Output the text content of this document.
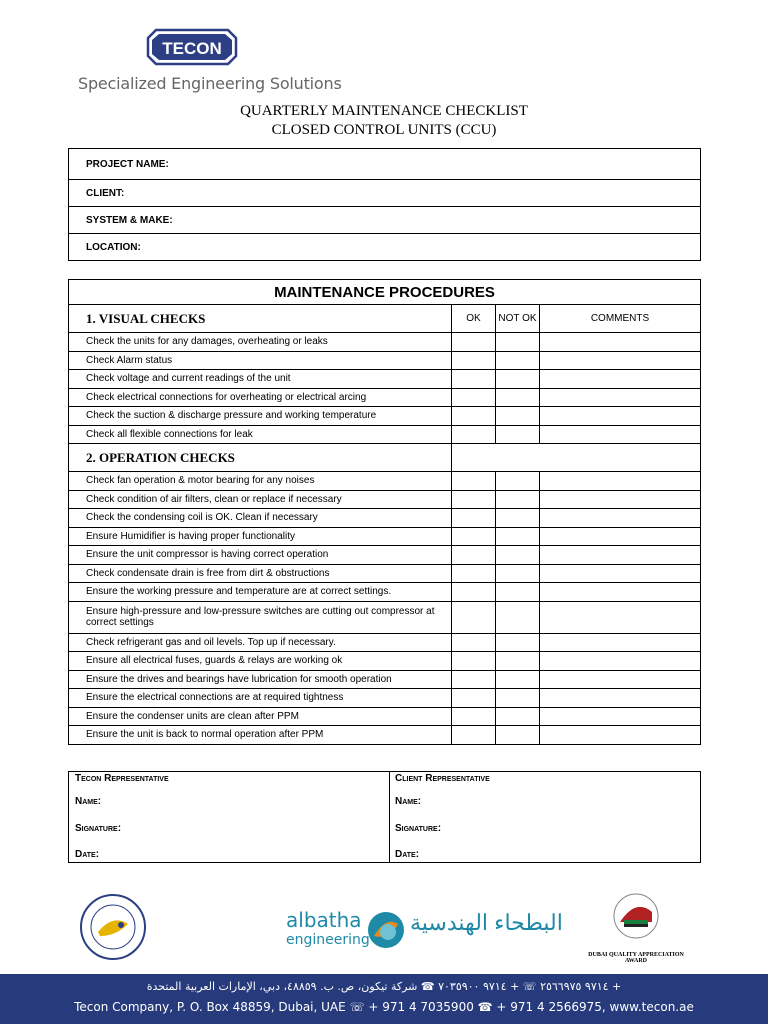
TECON
Specialized Engineering Solutions
QUARTERLY MAINTENANCE CHECKLIST
CLOSED CONTROL UNITS (CCU)
PROJECT NAME:
CLIENT:
SYSTEM & MAKE:
LOCATION:
MAINTENANCE PROCEDURES			
1. VISUAL CHECKS	OK	NOT OK	COMMENTS
Check the units for any damages, overheating or leaks			
Check Alarm status			
Check voltage and current readings of the unit			
Check electrical connections for overheating or electrical arcing			
Check the suction & discharge pressure and working temperature			
Check all flexible connections for leak			
2. OPERATION CHECKS			
Check fan operation & motor bearing for any noises			
Check condition of air filters, clean or replace if necessary			
Check the condensing coil is OK. Clean if necessary			
Ensure Humidifier is having proper functionality			
Ensure the unit compressor is having correct operation			
Check condensate drain is free from dirt & obstructions			
Ensure the working pressure and temperature are at correct settings.			
Ensure high-pressure and low-pressure switches are cutting out compressor at correct settings			
Check refrigerant gas and oil levels. Top up if necessary.			
Ensure all electrical fuses, guards & relays are working ok			
Ensure the drives and bearings have lubrication for smooth operation			
Ensure the electrical connections are at required tightness			
Ensure the condenser units are clean after PPM			
Ensure the unit is back to normal operation after PPM			
Tecon Representative
Name:
Signature:
Date:
Client Representative
Name:
Signature:
Date:
albatha
engineering
البطحاء الهندسية
DUBAI QUALITY APPRECIATION AWARD
+ ٩٧١٤ ٢٥٦٦٩٧٥ ☏ + ٩٧١٤ ٧٠٣٥٩٠٠ ☎ شركة تيكون، ص. ب. ٤٨٨٥٩، دبي، الإمارات العربية المتحدة
Tecon Company, P. O. Box 48859, Dubai, UAE ☏ + 971 4 7035900 ☎ + 971 4 2566975, www.tecon.ae
